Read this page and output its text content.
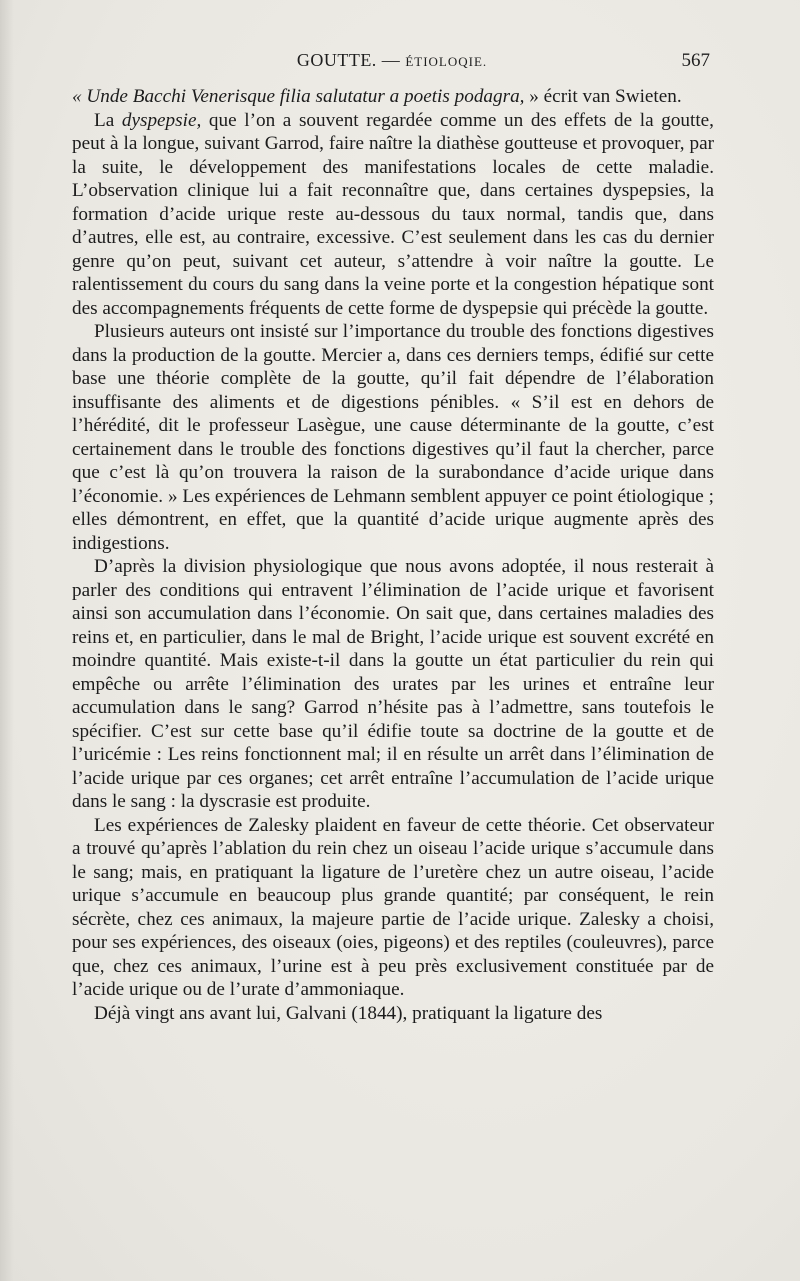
GOUTTE. — ÉTIOLOQIE.	567

« Unde Bacchi Venerisque filia salutatur a poetis podagra, » écrit van Swieten.

La dyspepsie, que l’on a souvent regardée comme un des effets de la goutte, peut à la longue, suivant Garrod, faire naître la diathèse goutteuse et provoquer, par la suite, le développement des manifestations locales de cette maladie. L’observation clinique lui a fait reconnaître que, dans certaines dyspepsies, la formation d’acide urique reste au-dessous du taux normal, tandis que, dans d’autres, elle est, au contraire, excessive. C’est seulement dans les cas du dernier genre qu’on peut, suivant cet auteur, s’attendre à voir naître la goutte. Le ralentissement du cours du sang dans la veine porte et la congestion hépatique sont des accompagnements fréquents de cette forme de dyspepsie qui précède la goutte.

Plusieurs auteurs ont insisté sur l’importance du trouble des fonctions digestives dans la production de la goutte. Mercier a, dans ces derniers temps, édifié sur cette base une théorie complète de la goutte, qu’il fait dépendre de l’élaboration insuffisante des aliments et de digestions pénibles. « S’il est en dehors de l’hérédité, dit le professeur Lasègue, une cause déterminante de la goutte, c’est certainement dans le trouble des fonctions digestives qu’il faut la chercher, parce que c’est là qu’on trouvera la raison de la surabondance d’acide urique dans l’économie. » Les expériences de Lehmann semblent appuyer ce point étiologique ; elles démontrent, en effet, que la quantité d’acide urique augmente après des indigestions.

D’après la division physiologique que nous avons adoptée, il nous resterait à parler des conditions qui entravent l’élimination de l’acide urique et favorisent ainsi son accumulation dans l’économie. On sait que, dans certaines maladies des reins et, en particulier, dans le mal de Bright, l’acide urique est souvent excrété en moindre quantité. Mais existe-t-il dans la goutte un état particulier du rein qui empêche ou arrête l’élimination des urates par les urines et entraîne leur accumulation dans le sang? Garrod n’hésite pas à l’admettre, sans toutefois le spécifier. C’est sur cette base qu’il édifie toute sa doctrine de la goutte et de l’uricémie : Les reins fonctionnent mal; il en résulte un arrêt dans l’élimination de l’acide urique par ces organes; cet arrêt entraîne l’accumulation de l’acide urique dans le sang : la dyscrasie est produite.

Les expériences de Zalesky plaident en faveur de cette théorie. Cet observateur a trouvé qu’après l’ablation du rein chez un oiseau l’acide urique s’accumule dans le sang; mais, en pratiquant la ligature de l’uretère chez un autre oiseau, l’acide urique s’accumule en beaucoup plus grande quantité; par conséquent, le rein sécrète, chez ces animaux, la majeure partie de l’acide urique. Zalesky a choisi, pour ses expériences, des oiseaux (oies, pigeons) et des reptiles (couleuvres), parce que, chez ces animaux, l’urine est à peu près exclusivement constituée par de l’acide urique ou de l’urate d’ammoniaque.

Déjà vingt ans avant lui, Galvani (1844), pratiquant la ligature des
